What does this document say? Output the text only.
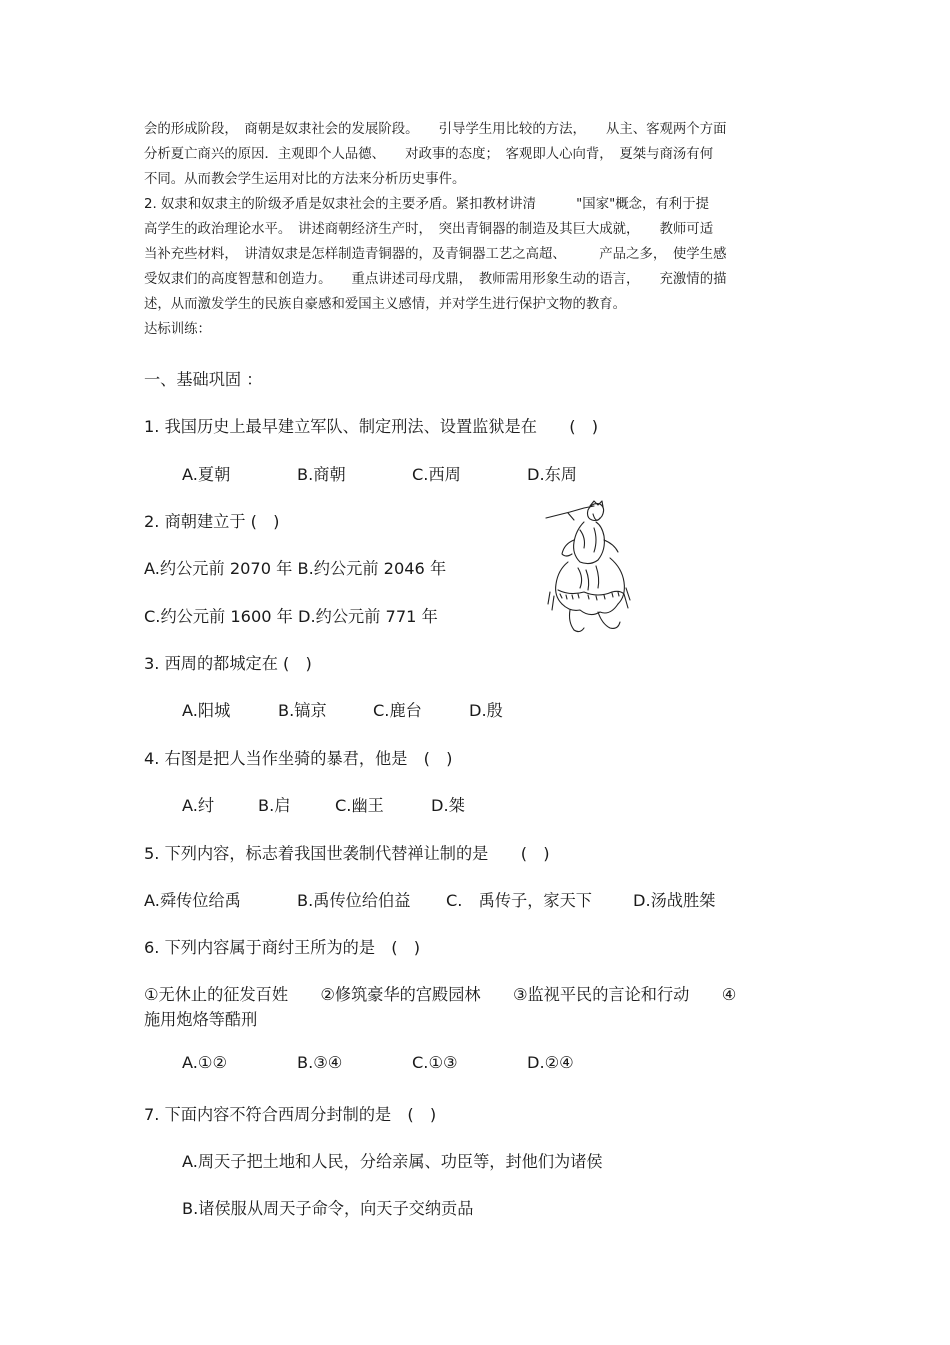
会的形成阶段，　商朝是奴隶社会的发展阶段。　　引导学生用比较的方法，　　从主、客观两个方面

分析夏亡商兴的原因．主观即个人品德、　　对政事的态度；　客观即人心向背，　夏桀与商汤有何

不同。从而教会学生运用对比的方法来分析历史事件。

2. 奴隶和奴隶主的阶级矛盾是奴隶社会的主要矛盾。紧扣教材讲清　　　"国家"概念，有利于提

高学生的政治理论水平。　讲述商朝经济生产时，　突出青铜器的制造及其巨大成就，　　教师可适

当补充些材料，　讲清奴隶是怎样制造青铜器的，及青铜器工艺之高超、　　　产品之多，　使学生感

受奴隶们的高度智慧和创造力。　　重点讲述司母戊鼎，　教师需用形象生动的语言，　　充激情的描

述，从而激发学生的民族自豪感和爱国主义感情，并对学生进行保护文物的教育。

达标训练：

一、基础巩固 ：
1. 我国历史上最早建立军队、制定刑法、设置监狱是在　　(　)
A.夏朝	B.商朝	C.西周	D.东周
2. 商朝建立于 (　)
A.约公元前 2070 年 B.约公元前 2046 年
C.约公元前 1600 年 D.约公元前 771 年
3. 西周的都城定在 (　)
A.阳城	B.镐京	C.鹿台	D.殷
4. 右图是把人当作坐骑的暴君，他是　(　)
A.纣	B.启	C.幽王	D.桀
5. 下列内容，标志着我国世袭制代替禅让制的是　　(　)
A.舜传位给禹	B.禹传位给伯益 C.　禹传子，家天下	D.汤战胜桀
6. 下列内容属于商纣王所为的是　(　)
①无休止的征发百姓　　②修筑豪华的宫殿园林　　③监视平民的言论和行动　　④
施用炮烙等酷刑
A.①②	B.③④	C.①③	D.②④
7. 下面内容不符合西周分封制的是　(　)
A.周天子把土地和人民，分给亲属、功臣等，封他们为诸侯
B.诸侯服从周天子命令，向天子交纳贡品
